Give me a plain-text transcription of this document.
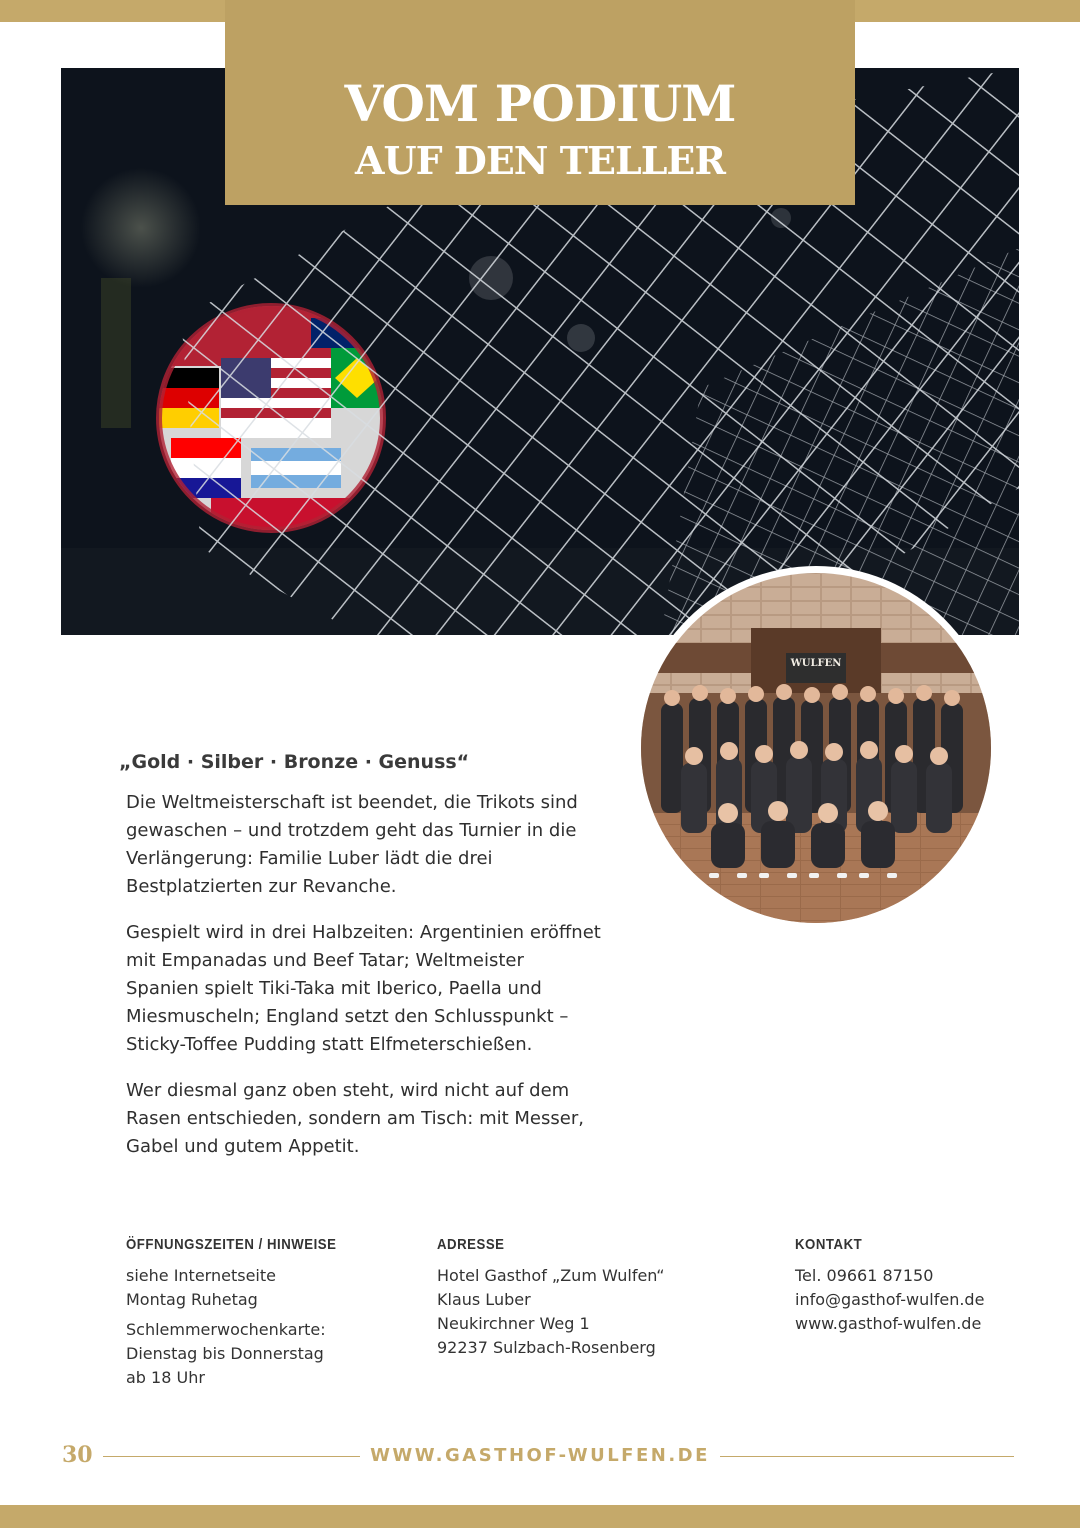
VOM PODIUM
AUF DEN TELLER
WULFEN
„Gold · Silber · Bronze · Genuss“

Die Weltmeisterschaft ist beendet, die Trikots sind gewaschen – und trotzdem geht das Turnier in die Verlängerung: Familie Luber lädt die drei Bestplatzierten zur Revanche.

Gespielt wird in drei Halbzeiten: Argentinien eröffnet mit Empanadas und Beef Tatar; Weltmeister Spanien spielt Tiki-Taka mit Iberico, Paella und Miesmuscheln; England setzt den Schlusspunkt – Sticky-Toffee Pudding statt Elfmeterschießen.

Wer diesmal ganz oben steht, wird nicht auf dem Rasen entschieden, sondern am Tisch: mit Messer, Gabel und gutem Appetit.

ÖFFNUNGSZEITEN / HINWEISE
siehe Internetseite
Montag Ruhetag
Schlemmerwochenkarte:
Dienstag bis Donnerstag
ab 18 Uhr
ADRESSE
Hotel Gasthof „Zum Wulfen“
Klaus Luber
Neukirchner Weg 1
92237 Sulzbach-Rosenberg
KONTAKT
Tel. 09661 87150
info@gasthof-wulfen.de
www.gasthof-wulfen.de
30	WWW.GASTHOF-WULFEN.DE
